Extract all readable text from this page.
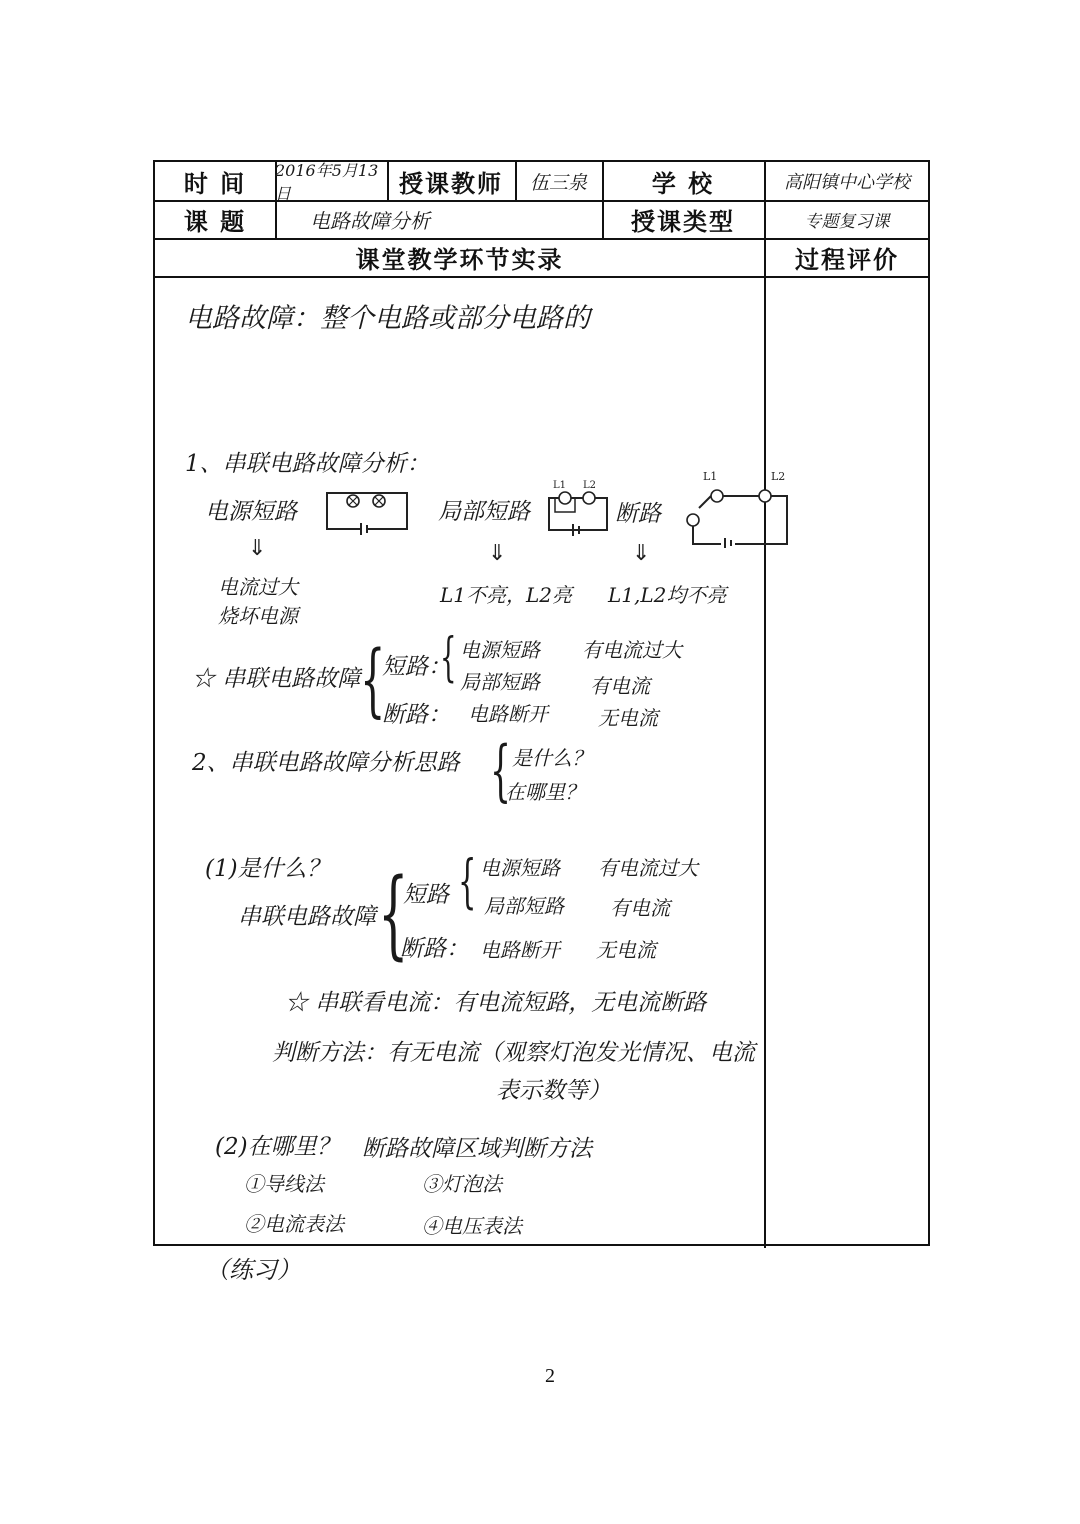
时 间	2016年5月13日	授课教师	伍三泉	学 校	高阳镇中心学校
课 题	电路故障分析	授课类型	专题复习课
课堂教学环节实录	过程评价
电路故障：整个电路或部分电路的
1、串联电路故障分析：
电源短路	局部短路
L1 L2
断路
L1	L2
⇓	⇓	⇓
电流过大
烧坏电源
L1不亮，L2亮 L1,L2均不亮
☆ 串联电路故障 {
短路：
{ 电源短路 有电流过大
局部短路	有电流
断路： 电路断开	无电流
2、串联电路故障分析思路 { 是什么？
在哪里？
(1)是什么？
串联电路故障 {
短路 { 电源短路 有电流过大
局部短路 有电流
断路： 电路断开 无电流
☆ 串联看电流：有电流短路，无电流断路
判断方法：有无电流（观察灯泡发光情况、电流
表示数等）
(2)在哪里？ 断路故障区域判断方法
①导线法	③灯泡法
②电流表法	④电压表法
（练习）
2
